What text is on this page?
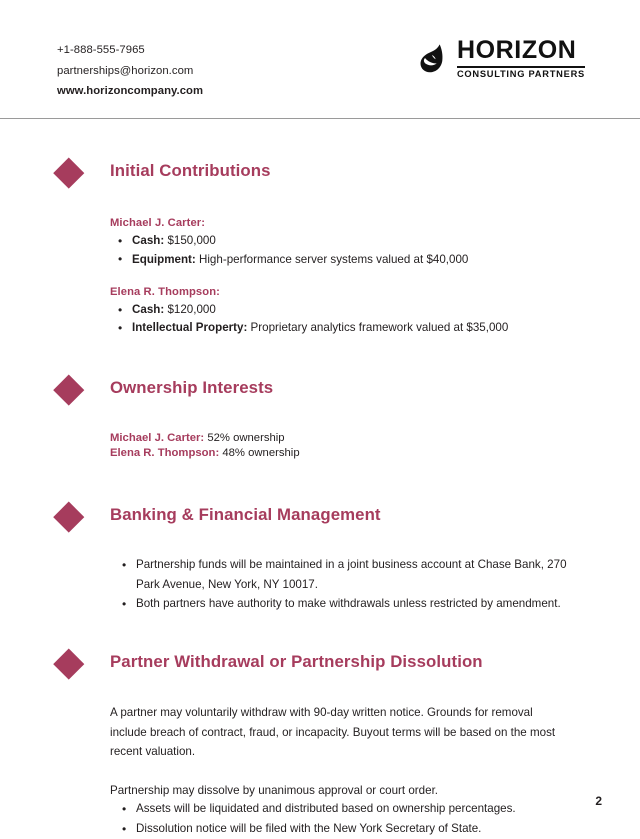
+1-888-555-7965
partnerships@horizon.com
www.horizoncompany.com
HORIZON
CONSULTING PARTNERS
Initial Contributions
Michael J. Carter:
• Cash: $150,000
• Equipment: High-performance server systems valued at $40,000
Elena R. Thompson:
• Cash: $120,000
• Intellectual Property: Proprietary analytics framework valued at $35,000
Ownership Interests
Michael J. Carter: 52% ownership
Elena R. Thompson: 48% ownership
Banking & Financial Management
• Partnership funds will be maintained in a joint business account at Chase Bank, 270 Park Avenue, New York, NY 10017.
• Both partners have authority to make withdrawals unless restricted by amendment.
Partner Withdrawal or Partnership Dissolution
A partner may voluntarily withdraw with 90-day written notice. Grounds for removal include breach of contract, fraud, or incapacity. Buyout terms will be based on the most recent valuation.
Partnership may dissolve by unanimous approval or court order.
• Assets will be liquidated and distributed based on ownership percentages.
• Dissolution notice will be filed with the New York Secretary of State.
2
